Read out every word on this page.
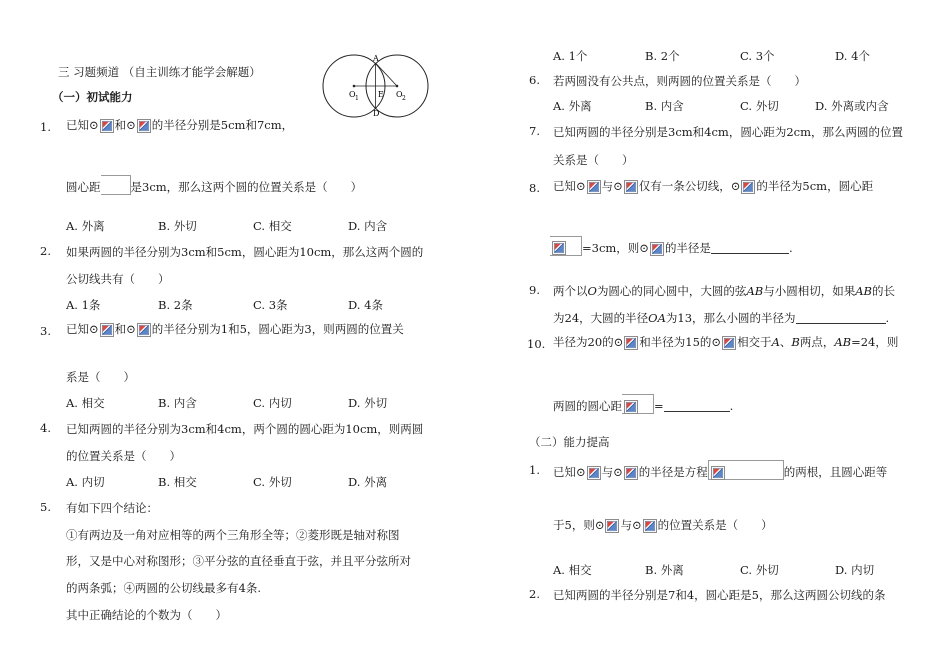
三 习题频道 （自主训练才能学会解题）
（一）初试能力
A
O 1 E O 2
D
1. 已知⊙ 和⊙ 的半径分别是5cm和7cm，
圆心距	是3cm，那么这两个圆的位置关系是（　　）
A. 外离	B. 外切	C. 相交	D. 内含
2. 如果两圆的半径分别为3cm和5cm，圆心距为10cm，那么这两个圆的
公切线共有（　　）
A. 1条	B. 2条	C. 3条	D. 4条
3. 已知⊙ 和⊙ 的半径分别为1和5，圆心距为3，则两圆的位置关
系是（　　）
A. 相交	B. 内含	C. 内切	D. 外切
4. 已知两圆的半径分别为3cm和4cm，两个圆的圆心距为10cm，则两圆
的位置关系是（　　）
A. 内切	B. 相交	C. 外切	D. 外离
5. 有如下四个结论：
①有两边及一角对应相等的两个三角形全等；②菱形既是轴对称图
形，又是中心对称图形；③平分弦的直径垂直于弦，并且平分弦所对
的两条弧；④两圆的公切线最多有4条.
其中正确结论的个数为（　　）
A. 1个	B. 2个	C. 3个	D. 4个
6. 若两圆没有公共点，则两圆的位置关系是（　　）
A. 外离	B. 内含	C. 外切	D. 外离或内含
7. 已知两圆的半径分别是3cm和4cm，圆心距为2cm，那么两圆的位置
关系是（　　）
8. 已知⊙ 与⊙ 仅有一条公切线，⊙ 的半径为5cm，圆心距
=3cm，则⊙ 的半径是	.
9. 两个以O为圆心的同心圆中，大圆的弦AB与小圆相切，如果AB的长
为24，大圆的半径OA为13，那么小圆的半径为	.
10. 半径为20的⊙ 和半径为15的⊙ 相交于A、B两点，AB=24，则
两圆的圆心距	=	.
（二）能力提高
1. 已知⊙ 与⊙ 的半径是方程	的两根，且圆心距等
于5，则⊙ 与⊙ 的位置关系是（　　）
A. 相交	B. 外离	C. 外切	D. 内切
2. 已知两圆的半径分别是7和4，圆心距是5，那么这两圆公切线的条
